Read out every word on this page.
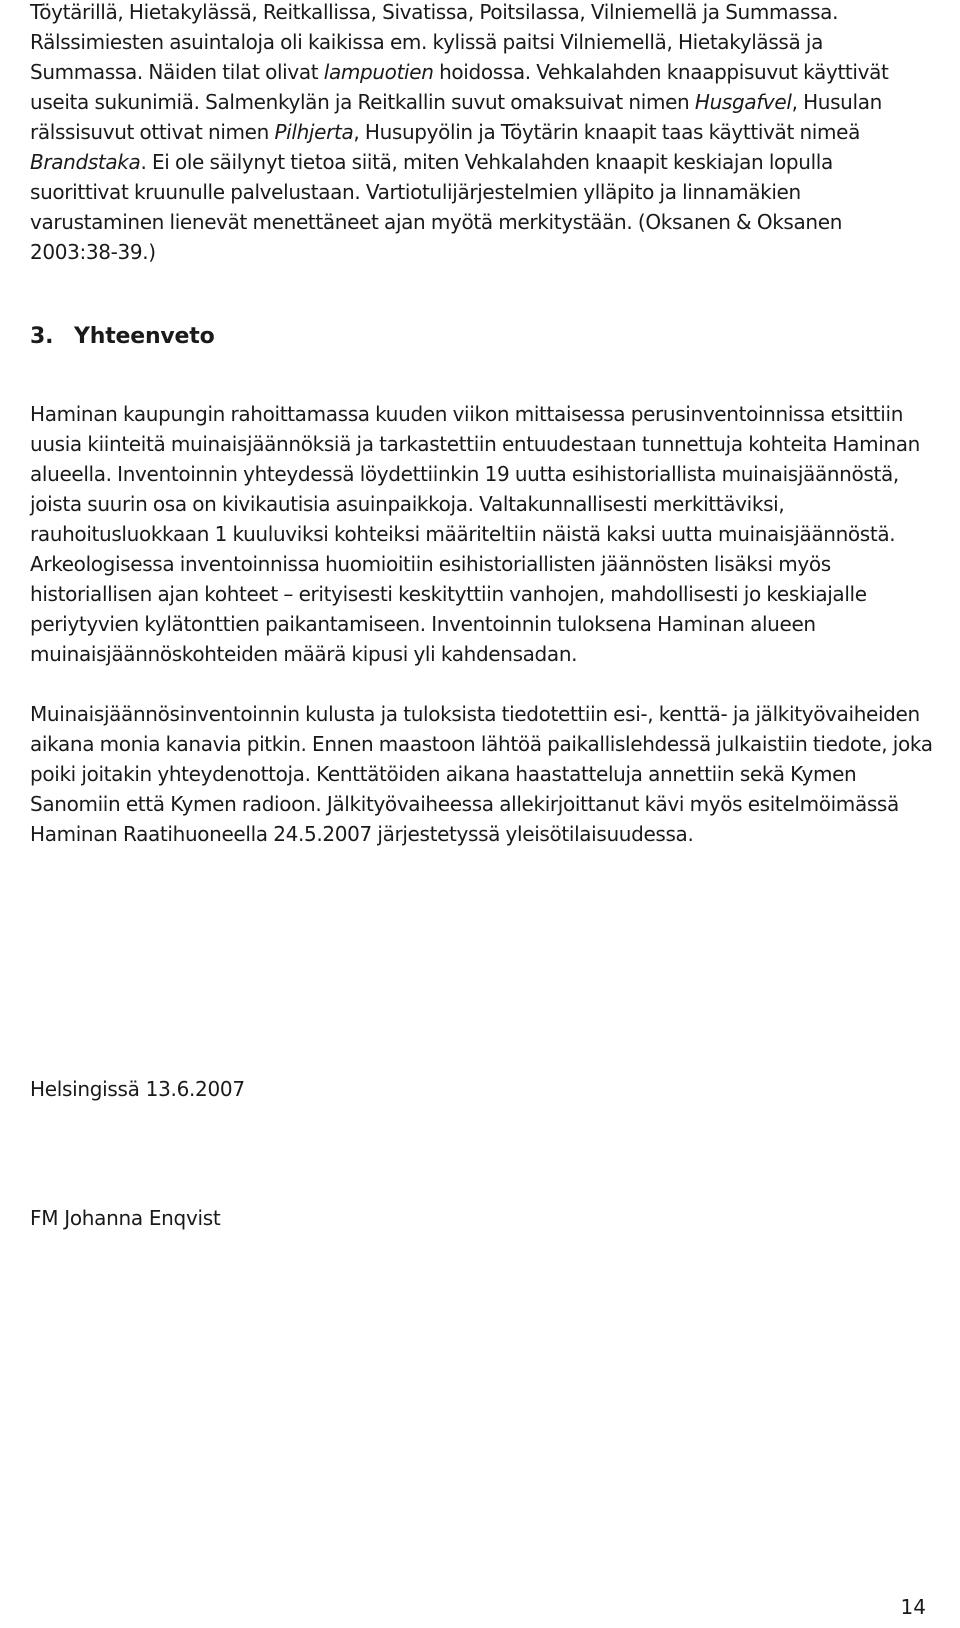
Töytärillä, Hietakylässä, Reitkallissa, Sivatissa, Poitsilassa, Vilniemellä ja Summassa. Rälssimiesten asuintaloja oli kaikissa em. kylissä paitsi Vilniemellä, Hietakylässä ja Summassa. Näiden tilat olivat lampuotien hoidossa. Vehkalahden knaappisuvut käyttivät useita sukunimiä. Salmenkylän ja Reitkallin suvut omaksuivat nimen Husgafvel, Husulan rälssisuvut ottivat nimen Pilhjerta, Husupyölin ja Töytärin knaapit taas käyttivät nimeä Brandstaka. Ei ole säilynyt tietoa siitä, miten Vehkalahden knaapit keskiajan lopulla suorittivat kruunulle palvelustaan. Vartiotulijärjestelmien ylläpito ja linnamäkien varustaminen lienevät menettäneet ajan myötä merkitystään. (Oksanen & Oksanen 2003:38-39.)

3. Yhteenveto

Haminan kaupungin rahoittamassa kuuden viikon mittaisessa perusinventoinnissa etsittiin uusia kiinteitä muinaisjäännöksiä ja tarkastettiin entuudestaan tunnettuja kohteita Haminan alueella. Inventoinnin yhteydessä löydettiinkin 19 uutta esihistoriallista muinaisjäännöstä, joista suurin osa on kivikautisia asuinpaikkoja. Valtakunnallisesti merkittäviksi, rauhoitusluokkaan 1 kuuluviksi kohteiksi määriteltiin näistä kaksi uutta muinaisjäännöstä. Arkeologisessa inventoinnissa huomioitiin esihistoriallisten jäännösten lisäksi myös historiallisen ajan kohteet – erityisesti keskityttiin vanhojen, mahdollisesti jo keskiajalle periytyvien kylätonttien paikantamiseen. Inventoinnin tuloksena Haminan alueen muinaisjäännöskohteiden määrä kipusi yli kahdensadan.

Muinaisjäännösinventoinnin kulusta ja tuloksista tiedotettiin esi-, kenttä- ja jälkityövaiheiden aikana monia kanavia pitkin. Ennen maastoon lähtöä paikallislehdessä julkaistiin tiedote, joka poiki joitakin yhteydenottoja. Kenttätöiden aikana haastatteluja annettiin sekä Kymen Sanomiin että Kymen radioon. Jälkityövaiheessa allekirjoittanut kävi myös esitelmöimässä Haminan Raatihuoneella 24.5.2007 järjestetyssä yleisötilaisuudessa.

Helsingissä 13.6.2007

FM Johanna Enqvist

14
